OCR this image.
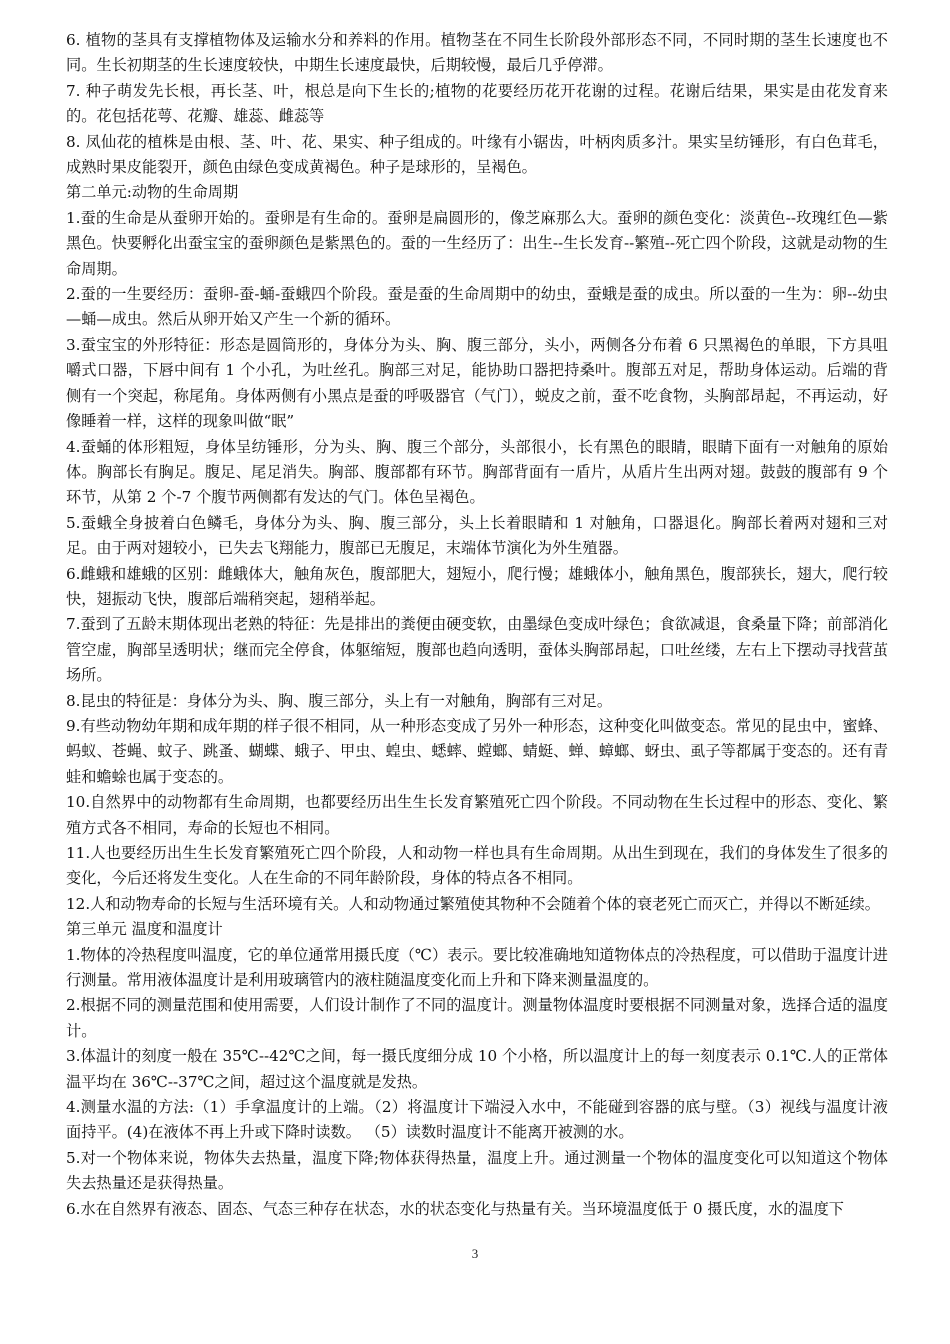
6. 植物的茎具有支撑植物体及运输水分和养料的作用。植物茎在不同生长阶段外部形态不同，不同时期的茎生长速度也不同。生长初期茎的生长速度较快，中期生长速度最快，后期较慢，最后几乎停滞。

7. 种子萌发先长根，再长茎、叶，根总是向下生长的;植物的花要经历花开花谢的过程。花谢后结果，果实是由花发育来的。花包括花萼、花瓣、雄蕊、雌蕊等

8. 凤仙花的植株是由根、茎、叶、花、果实、种子组成的。叶缘有小锯齿，叶柄肉质多汁。果实呈纺锤形，有白色茸毛，成熟时果皮能裂开，颜色由绿色变成黄褐色。种子是球形的，呈褐色。

第二单元:动物的生命周期

1.蚕的生命是从蚕卵开始的。蚕卵是有生命的。蚕卵是扁圆形的，像芝麻那么大。蚕卵的颜色变化：淡黄色--玫瑰红色—紫黑色。快要孵化出蚕宝宝的蚕卵颜色是紫黑色的。蚕的一生经历了：出生--生长发育--繁殖--死亡四个阶段，这就是动物的生命周期。

2.蚕的一生要经历：蚕卵-蚕-蛹-蚕蛾四个阶段。蚕是蚕的生命周期中的幼虫，蚕蛾是蚕的成虫。所以蚕的一生为：卵--幼虫—蛹—成虫。然后从卵开始又产生一个新的循环。

3.蚕宝宝的外形特征：形态是圆筒形的，身体分为头、胸、腹三部分，头小，两侧各分布着 6 只黑褐色的单眼，下方具咀嚼式口器，下唇中间有 1 个小孔，为吐丝孔。胸部三对足，能协助口器把持桑叶。腹部五对足，帮助身体运动。后端的背侧有一个突起，称尾角。身体两侧有小黑点是蚕的呼吸器官（气门），蜕皮之前，蚕不吃食物，头胸部昂起，不再运动，好像睡着一样，这样的现象叫做“眠”

4.蚕蛹的体形粗短，身体呈纺锤形，分为头、胸、腹三个部分，头部很小，长有黑色的眼睛，眼睛下面有一对触角的原始体。胸部长有胸足。腹足、尾足消失。胸部、腹部都有环节。胸部背面有一盾片，从盾片生出两对翅。鼓鼓的腹部有 9 个环节，从第 2 个-7 个腹节两侧都有发达的气门。体色呈褐色。

5.蚕蛾全身披着白色鳞毛，身体分为头、胸、腹三部分，头上长着眼睛和 1 对触角，口器退化。胸部长着两对翅和三对足。由于两对翅较小，已失去飞翔能力，腹部已无腹足，末端体节演化为外生殖器。

6.雌蛾和雄蛾的区别：雌蛾体大，触角灰色，腹部肥大，翅短小，爬行慢；雄蛾体小，触角黑色，腹部狭长，翅大，爬行较快，翅振动飞快，腹部后端稍突起，翅稍举起。

7.蚕到了五龄末期体现出老熟的特征：先是排出的粪便由硬变软，由墨绿色变成叶绿色；食欲减退，食桑量下降；前部消化管空虚，胸部呈透明状；继而完全停食，体躯缩短，腹部也趋向透明，蚕体头胸部昂起，口吐丝缕，左右上下摆动寻找营茧场所。

8.昆虫的特征是：身体分为头、胸、腹三部分，头上有一对触角，胸部有三对足。

9.有些动物幼年期和成年期的样子很不相同，从一种形态变成了另外一种形态，这种变化叫做变态。常见的昆虫中，蜜蜂、蚂蚁、苍蝇、蚊子、跳蚤、蝴蝶、蛾子、甲虫、蝗虫、蟋蟀、螳螂、蜻蜓、蝉、蟑螂、蚜虫、虱子等都属于变态的。还有青蛙和蟾蜍也属于变态的。

10.自然界中的动物都有生命周期，也都要经历出生生长发育繁殖死亡四个阶段。不同动物在生长过程中的形态、变化、繁殖方式各不相同，寿命的长短也不相同。

11.人也要经历出生生长发育繁殖死亡四个阶段，人和动物一样也具有生命周期。从出生到现在，我们的身体发生了很多的变化，今后还将发生变化。人在生命的不同年龄阶段，身体的特点各不相同。

12.人和动物寿命的长短与生活环境有关。人和动物通过繁殖使其物种不会随着个体的衰老死亡而灭亡，并得以不断延续。

第三单元 温度和温度计

1.物体的冷热程度叫温度，它的单位通常用摄氏度（℃）表示。要比较准确地知道物体点的冷热程度，可以借助于温度计进行测量。常用液体温度计是利用玻璃管内的液柱随温度变化而上升和下降来测量温度的。

2.根据不同的测量范围和使用需要，人们设计制作了不同的温度计。测量物体温度时要根据不同测量对象，选择合适的温度计。

3.体温计的刻度一般在 35℃--42℃之间，每一摄氏度细分成 10 个小格，所以温度计上的每一刻度表示 0.1℃.人的正常体温平均在 36℃--37℃之间，超过这个温度就是发热。

4.测量水温的方法:（1）手拿温度计的上端。（2）将温度计下端浸入水中，不能碰到容器的底与壁。（3）视线与温度计液面持平。(4)在液体不再上升或下降时读数。 （5）读数时温度计不能离开被测的水。

5.对一个物体来说，物体失去热量，温度下降;物体获得热量，温度上升。通过测量一个物体的温度变化可以知道这个物体失去热量还是获得热量。

6.水在自然界有液态、固态、气态三种存在状态，水的状态变化与热量有关。当环境温度低于 0 摄氏度，水的温度下

3
